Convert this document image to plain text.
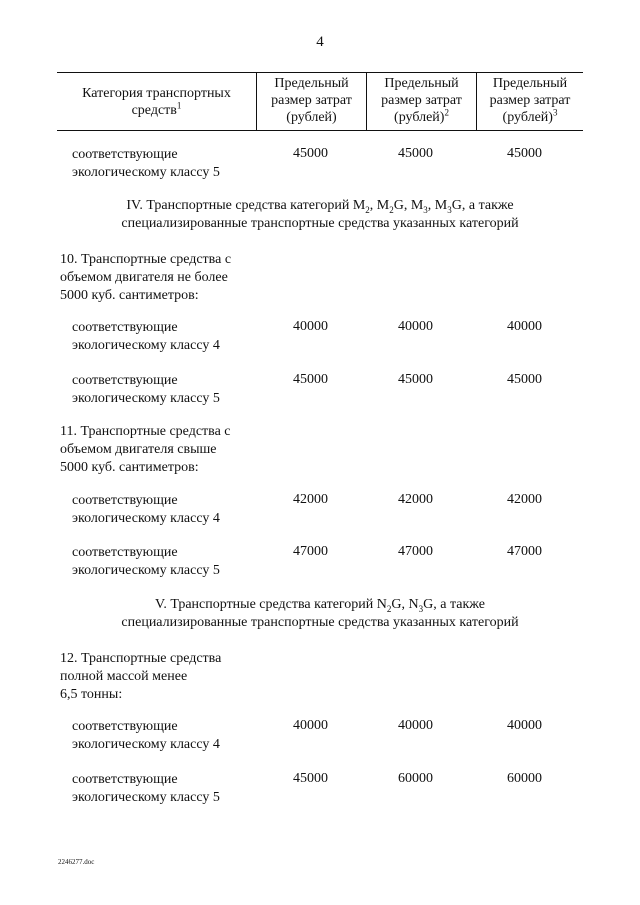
4
Категория транспортных средств$^1$
Предельный
размер затрат
(рублей)
Предельный
размер затрат
(рублей)$^2$
Предельный
размер затрат
(рублей)$^3$
соответствующие
экологическому классу 5
45000	45000	45000
IV. Транспортные средства категорий $M_2$, $M_2G$, $M_3$, $M_3G$, а также
специализированные транспортные средства указанных категорий
10. Транспортные средства с
объемом двигателя не более
5000 куб. сантиметров:
соответствующие
экологическому классу 4
40000	40000	40000
соответствующие
экологическому классу 5
45000	45000	45000
11. Транспортные средства с
объемом двигателя свыше
5000 куб. сантиметров:
соответствующие
экологическому классу 4
42000	42000	42000
соответствующие
экологическому классу 5
47000	47000	47000
V. Транспортные средства категорий $N_2G$, $N_3G$, а также
специализированные транспортные средства указанных категорий
12. Транспортные средства
полной массой менее
6,5 тонны:
соответствующие
экологическому классу 4
40000	40000	40000
соответствующие
экологическому классу 5
45000	60000	60000
2246277.doc
